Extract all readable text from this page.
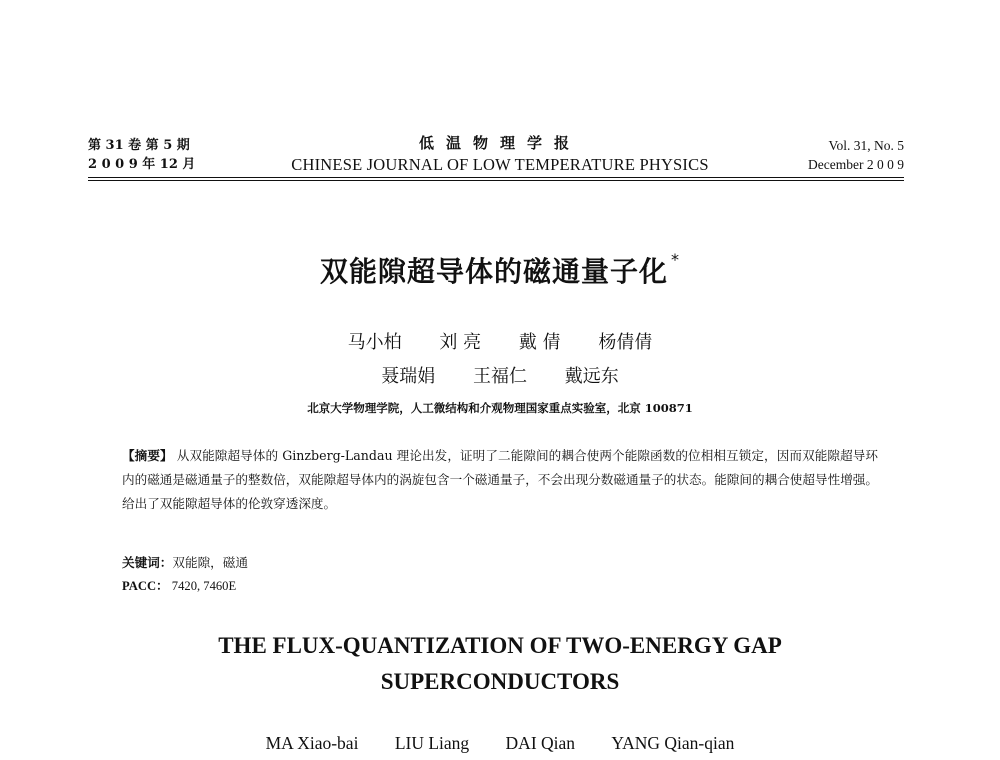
第 31 卷 第 5 期
2 0 0 9 年 12 月
低温物理学报
CHINESE JOURNAL OF LOW TEMPERATURE PHYSICS
Vol. 31, No. 5
December 2 0 0 9
双能隙超导体的磁通量子化 *
马小柏 刘 亮 戴 倩 杨倩倩
聂瑞娟 王福仁 戴远东
北京大学物理学院，人工微结构和介观物理国家重点实验室，北京 100871
【摘要】 从双能隙超导体的 Ginzberg-Landau 理论出发，证明了二能隙间的耦合使两个能隙函数的位相相互锁定，因而双能隙超导环内的磁通是磁通量子的整数倍，双能隙超导体内的涡旋包含一个磁通量子，不会出现分数磁通量子的状态。能隙间的耦合使超导性增强。给出了双能隙超导体的伦敦穿透深度。
关键词：双能隙，磁通
PACC： 7420, 7460E
THE FLUX-QUANTIZATION OF TWO-ENERGY GAP
SUPERCONDUCTORS
MA Xiao-bai LIU Liang DAI Qian YANG Qian-qian
